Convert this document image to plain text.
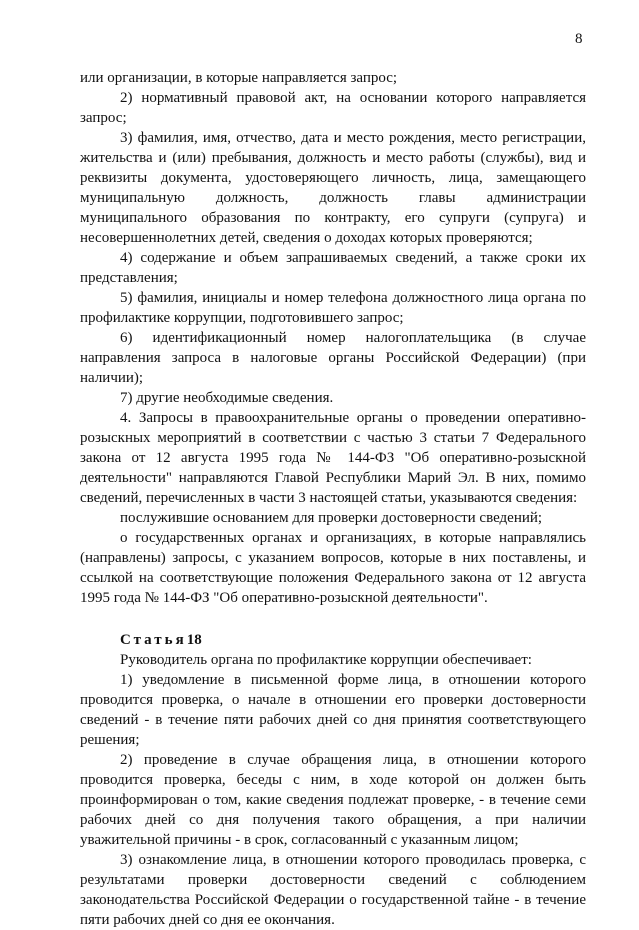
8

или организации, в которые направляется запрос;

2) нормативный правовой акт, на основании которого направляется запрос;

3) фамилия, имя, отчество, дата и место рождения, место регистрации, жительства и (или) пребывания, должность и место работы (службы), вид и реквизиты документа, удостоверяющего личность, лица, замещающего муниципальную должность, должность главы администрации муниципального образования по контракту, его супруги (супруга) и несовершеннолетних детей, сведения о доходах которых проверяются;

4) содержание и объем запрашиваемых сведений, а также сроки их представления;

5) фамилия, инициалы и номер телефона должностного лица органа по профилактике коррупции, подготовившего запрос;

6) идентификационный номер налогоплательщика (в случае направления запроса в налоговые органы Российской Федерации) (при наличии);

7) другие необходимые сведения.

4. Запросы в правоохранительные органы о проведении оперативно-розыскных мероприятий в соответствии с частью 3 статьи 7 Федерального закона от 12 августа 1995 года № 144-ФЗ "Об оперативно-розыскной деятельности" направляются Главой Республики Марий Эл. В них, помимо сведений, перечисленных в части 3 настоящей статьи, указываются сведения:

послужившие основанием для проверки достоверности сведений;

о государственных органах и организациях, в которые направлялись (направлены) запросы, с указанием вопросов, которые в них поставлены, и ссылкой на соответствующие положения Федерального закона от 12 августа 1995 года № 144-ФЗ "Об оперативно-розыскной деятельности".

Статья18

Руководитель органа по профилактике коррупции обеспечивает:

1) уведомление в письменной форме лица, в отношении которого проводится проверка, о начале в отношении его проверки достоверности сведений - в течение пяти рабочих дней со дня принятия соответствующего решения;

2) проведение в случае обращения лица, в отношении которого проводится проверка, беседы с ним, в ходе которой он должен быть проинформирован о том, какие сведения подлежат проверке, - в течение семи рабочих дней со дня получения такого обращения, а при наличии уважительной причины - в срок, согласованный с указанным лицом;

3) ознакомление лица, в отношении которого проводилась проверка, с результатами проверки достоверности сведений с соблюдением законодательства Российской Федерации о государственной тайне - в течение пяти рабочих дней со дня ее окончания.
